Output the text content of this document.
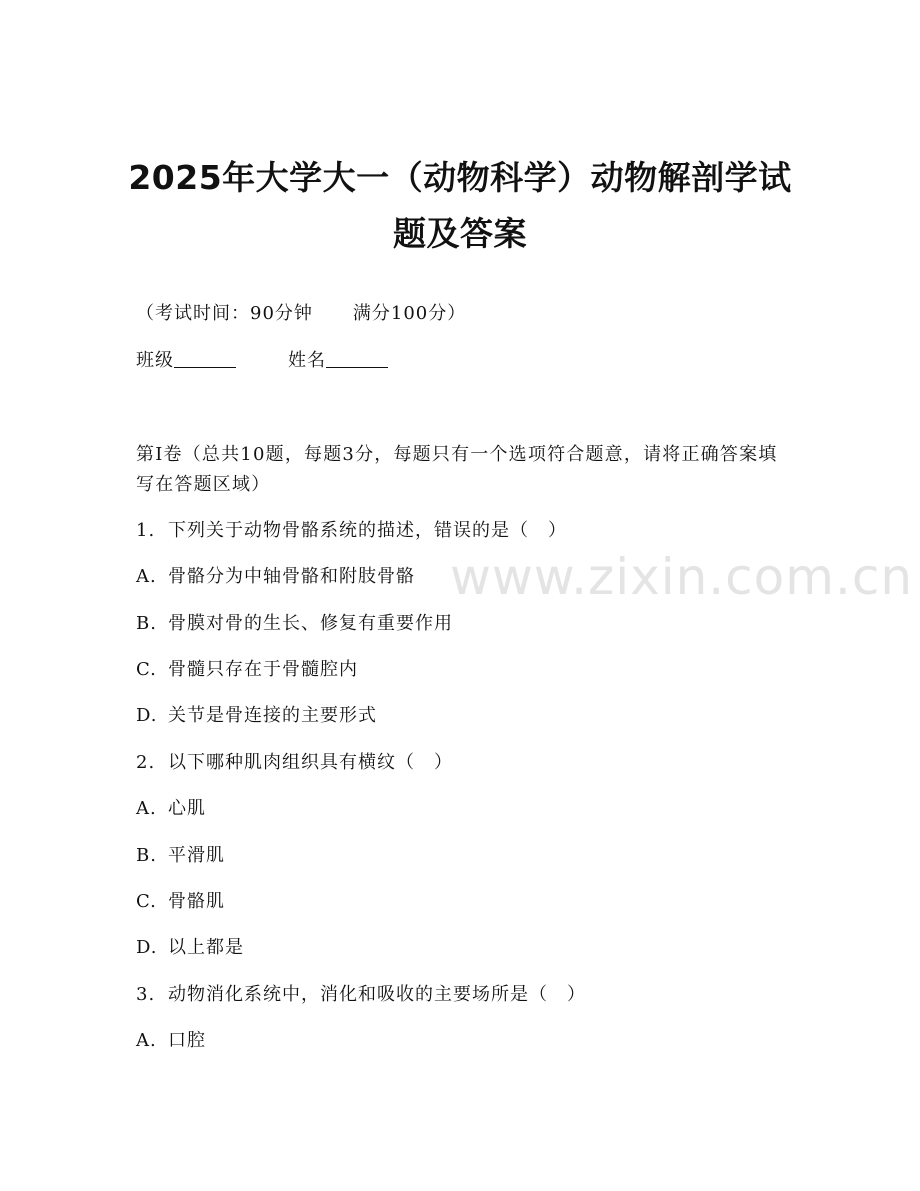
2025年大学大一（动物科学）动物解剖学试
题及答案
（考试时间：90分钟 满分100分）
班级	姓名
第Ⅰ卷（总共10题，每题3分，每题只有一个选项符合题意，请将正确答案填写在答题区域）
1. 下列关于动物骨骼系统的描述，错误的是（　）
A. 骨骼分为中轴骨骼和附肢骨骼
B. 骨膜对骨的生长、修复有重要作用
C. 骨髓只存在于骨髓腔内
D. 关节是骨连接的主要形式
2. 以下哪种肌肉组织具有横纹（　）
A. 心肌
B. 平滑肌
C. 骨骼肌
D. 以上都是
3. 动物消化系统中，消化和吸收的主要场所是（　）
A. 口腔
www.zixin.com.cn
